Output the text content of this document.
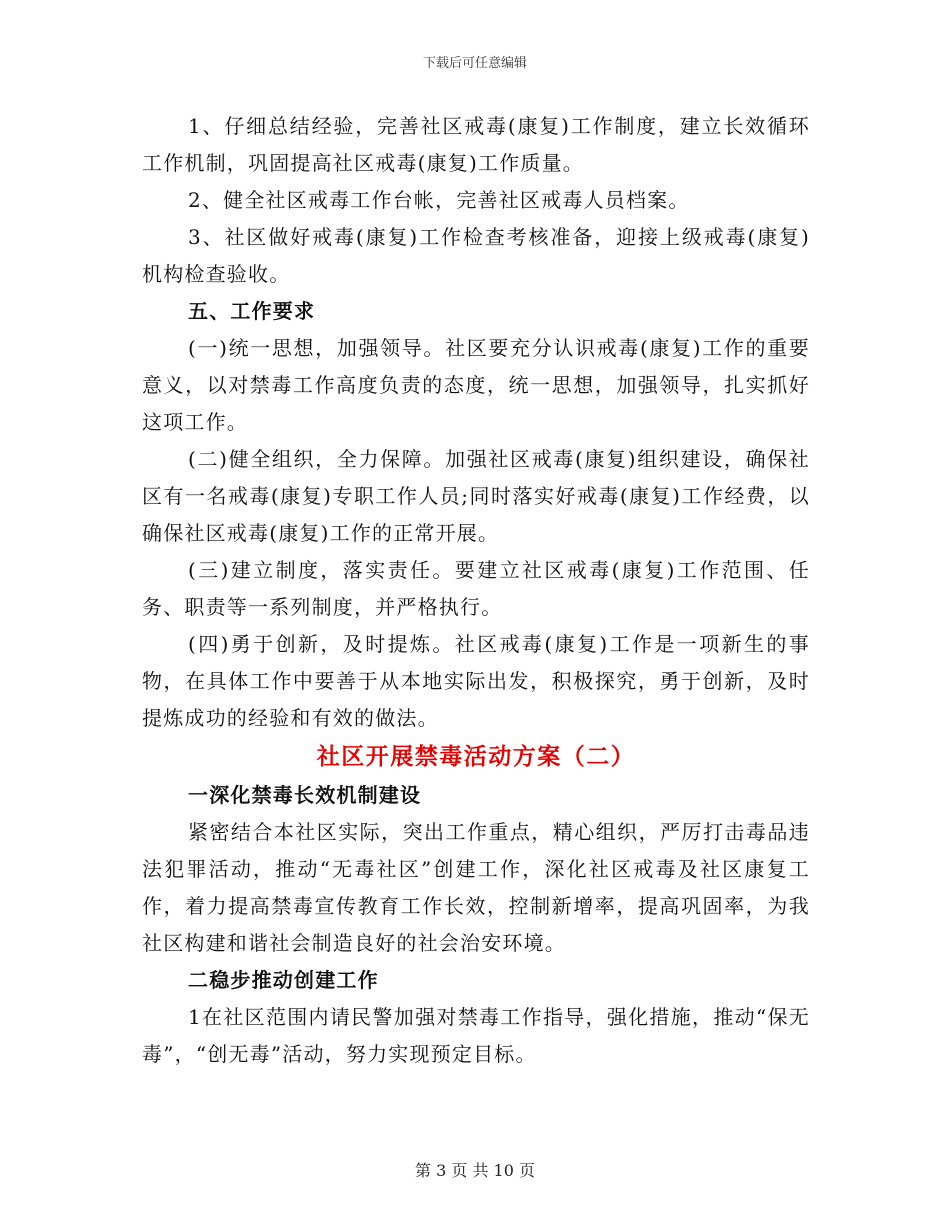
下载后可任意编辑

1、仔细总结经验，完善社区戒毒(康复)工作制度，建立长效循环工作机制，巩固提高社区戒毒(康复)工作质量。

2、健全社区戒毒工作台帐，完善社区戒毒人员档案。

3、社区做好戒毒(康复)工作检查考核准备，迎接上级戒毒(康复)机构检查验收。

五、工作要求

(一)统一思想，加强领导。社区要充分认识戒毒(康复)工作的重要意义，以对禁毒工作高度负责的态度，统一思想，加强领导，扎实抓好这项工作。

(二)健全组织，全力保障。加强社区戒毒(康复)组织建设，确保社区有一名戒毒(康复)专职工作人员;同时落实好戒毒(康复)工作经费，以确保社区戒毒(康复)工作的正常开展。

(三)建立制度，落实责任。要建立社区戒毒(康复)工作范围、任务、职责等一系列制度，并严格执行。

(四)勇于创新，及时提炼。社区戒毒(康复)工作是一项新生的事物，在具体工作中要善于从本地实际出发，积极探究，勇于创新，及时提炼成功的经验和有效的做法。

社区开展禁毒活动方案（二）

一深化禁毒长效机制建设

紧密结合本社区实际，突出工作重点，精心组织，严厉打击毒品违法犯罪活动，推动“无毒社区”创建工作，深化社区戒毒及社区康复工作，着力提高禁毒宣传教育工作长效，控制新增率，提高巩固率，为我社区构建和谐社会制造良好的社会治安环境。

二稳步推动创建工作

1在社区范围内请民警加强对禁毒工作指导，强化措施，推动“保无毒”，“创无毒”活动，努力实现预定目标。

第 3 页 共 10 页
